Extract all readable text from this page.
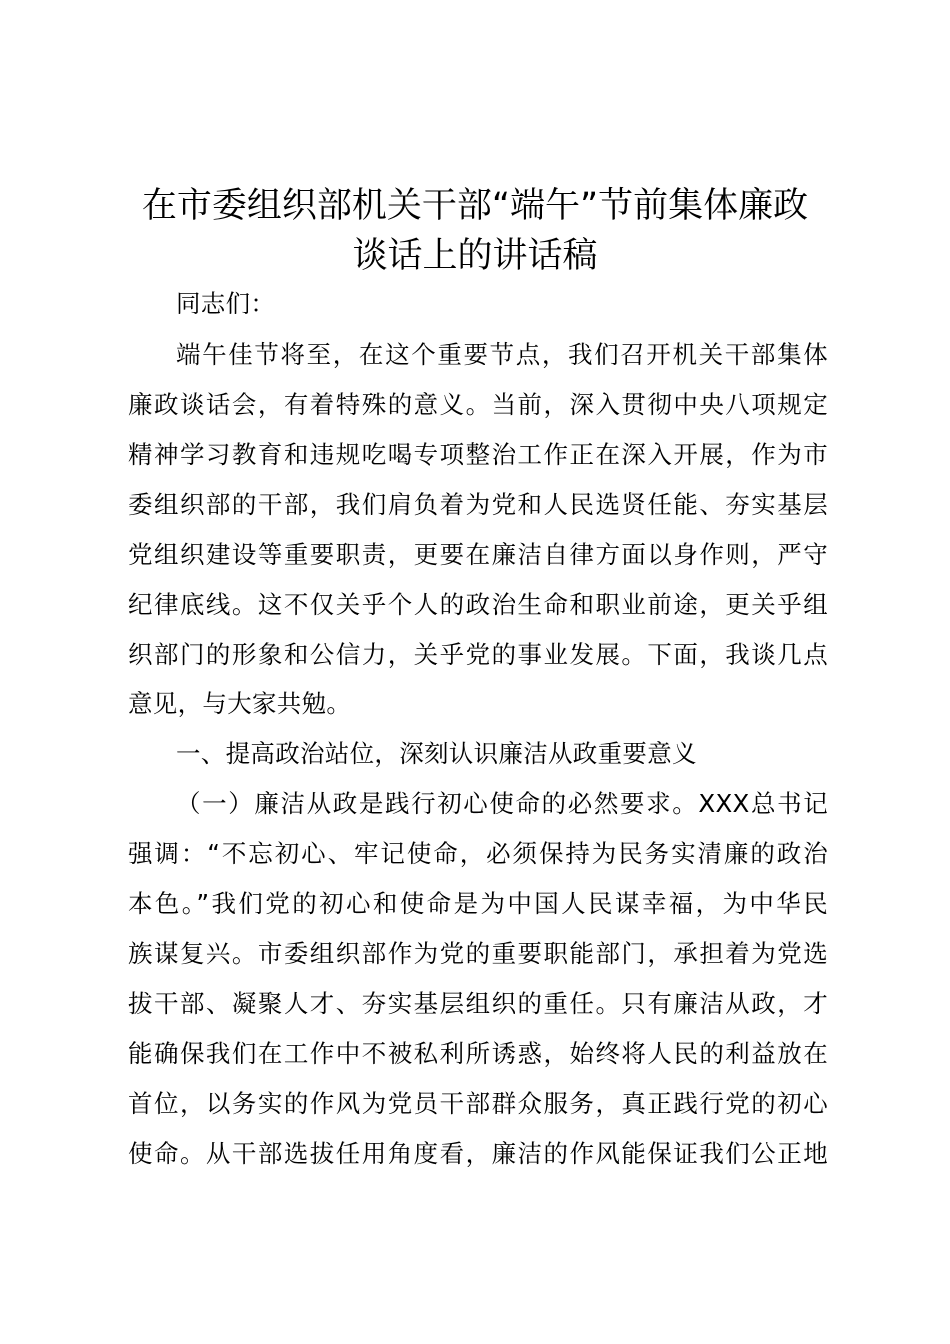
在市委组织部机关干部“端午”节前集体廉政
谈话上的讲话稿
同志们：
端午佳节将至，在这个重要节点，我们召开机关干部集体
廉政谈话会，有着特殊的意义。当前，深入贯彻中央八项规定
精神学习教育和违规吃喝专项整治工作正在深入开展，作为市
委组织部的干部，我们肩负着为党和人民选贤任能、夯实基层
党组织建设等重要职责，更要在廉洁自律方面以身作则，严守
纪律底线。这不仅关乎个人的政治生命和职业前途，更关乎组
织部门的形象和公信力，关乎党的事业发展。下面，我谈几点
意见，与大家共勉。
一、提高政治站位，深刻认识廉洁从政重要意义
（一）廉洁从政是践行初心使命的必然要求。XXX总书记
强调：“不忘初心、牢记使命，必须保持为民务实清廉的政治
本色。”我们党的初心和使命是为中国人民谋幸福，为中华民
族谋复兴。市委组织部作为党的重要职能部门，承担着为党选
拔干部、凝聚人才、夯实基层组织的重任。只有廉洁从政，才
能确保我们在工作中不被私利所诱惑，始终将人民的利益放在
首位，以务实的作风为党员干部群众服务，真正践行党的初心
使命。从干部选拔任用角度看，廉洁的作风能保证我们公正地
